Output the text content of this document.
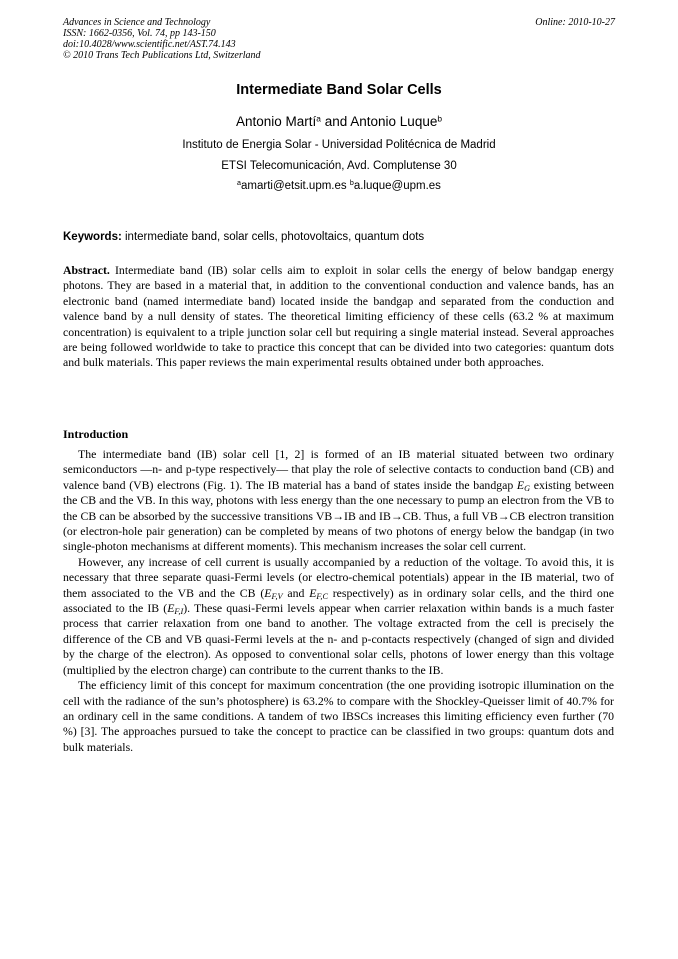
Advances in Science and Technology
ISSN: 1662-0356, Vol. 74, pp 143-150
doi:10.4028/www.scientific.net/AST.74.143
© 2010 Trans Tech Publications Ltd, Switzerland
Online: 2010-10-27
Intermediate Band Solar Cells
Antonio Martí$^a$ and Antonio Luque$^b$
Instituto de Energia Solar - Universidad Politécnica de Madrid
ETSI Telecomunicación, Avd. Complutense 30
$^a$amarti@etsit.upm.es $^b$a.luque@upm.es
Keywords: intermediate band, solar cells, photovoltaics, quantum dots
Abstract. Intermediate band (IB) solar cells aim to exploit in solar cells the energy of below bandgap energy photons. They are based in a material that, in addition to the conventional conduction and valence bands, has an electronic band (named intermediate band) located inside the bandgap and separated from the conduction and valence band by a null density of states. The theoretical limiting efficiency of these cells (63.2 % at maximum concentration) is equivalent to a triple junction solar cell but requiring a single material instead. Several approaches are being followed worldwide to take to practice this concept that can be divided into two categories: quantum dots and bulk materials. This paper reviews the main experimental results obtained under both approaches.
Introduction

The intermediate band (IB) solar cell [1, 2] is formed of an IB material situated between two ordinary semiconductors —n- and p-type respectively— that play the role of selective contacts to conduction band (CB) and valence band (VB) electrons (Fig. 1). The IB material has a band of states inside the bandgap $E_G$ existing between the CB and the VB. In this way, photons with less energy than the one necessary to pump an electron from the VB to the CB can be absorbed by the successive transitions VB→IB and IB→CB. Thus, a full VB→CB electron transition (or electron-hole pair generation) can be completed by means of two photons of energy below the bandgap (in two single-photon mechanisms at different moments). This mechanism increases the solar cell current.

However, any increase of cell current is usually accompanied by a reduction of the voltage. To avoid this, it is necessary that three separate quasi-Fermi levels (or electro-chemical potentials) appear in the IB material, two of them associated to the VB and the CB ($E_{F,V}$ and $E_{F,C}$ respectively) as in ordinary solar cells, and the third one associated to the IB $(E_{F,I})$. These quasi-Fermi levels appear when carrier relaxation within bands is a much faster process that carrier relaxation from one band to another. The voltage extracted from the cell is precisely the difference of the CB and VB quasi-Fermi levels at the n- and p-contacts respectively (changed of sign and divided by the charge of the electron). As opposed to conventional solar cells, photons of lower energy than this voltage (multiplied by the electron charge) can contribute to the current thanks to the IB.

The efficiency limit of this concept for maximum concentration (the one providing isotropic illumination on the cell with the radiance of the sun’s photosphere) is 63.2% to compare with the Shockley-Queisser limit of 40.7% for an ordinary cell in the same conditions. A tandem of two IBSCs increases this limiting efficiency even further (70 %) [3]. The approaches pursued to take the concept to practice can be classified in two groups: quantum dots and bulk materials.
